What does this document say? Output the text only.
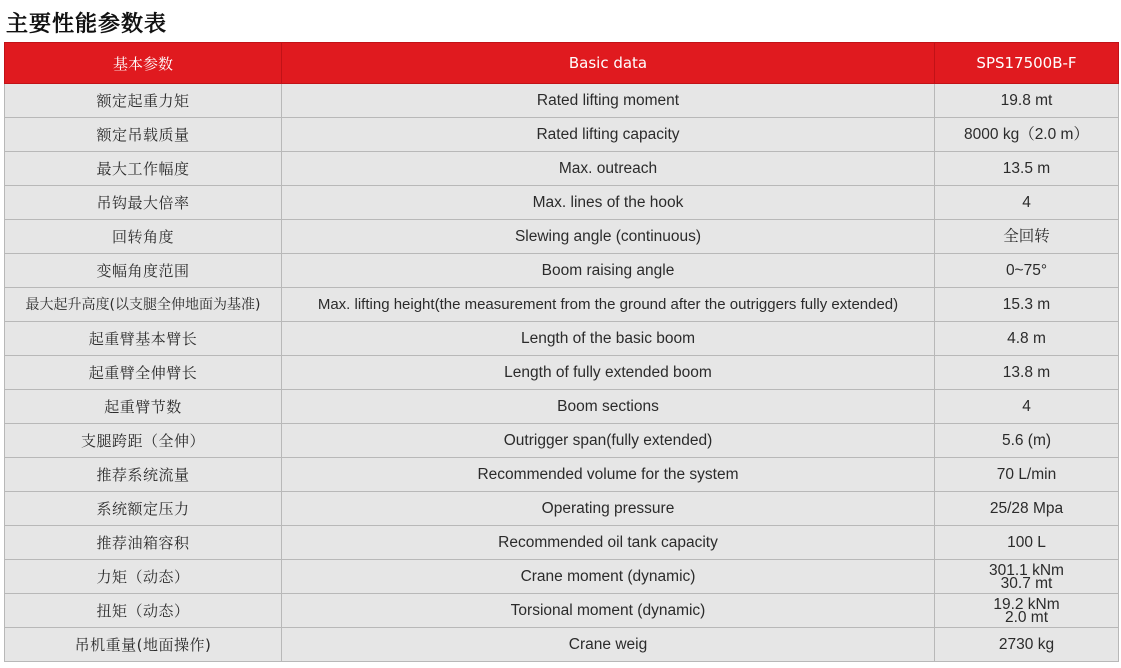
主要性能参数表
基本参数	Basic data	SPS17500B-F
额定起重力矩	Rated lifting moment	19.8 mt
额定吊载质量	Rated lifting capacity	8000 kg（2.0 m）
最大工作幅度	Max. outreach	13.5 m
吊钩最大倍率	Max. lines of the hook	4
回转角度	Slewing angle (continuous)	全回转
变幅角度范围	Boom raising angle	0~75°
最大起升高度(以支腿全伸地面为基准)	Max. lifting height(the measurement from the ground after the outriggers fully extended)	15.3 m
起重臂基本臂长	Length of the basic boom	4.8 m
起重臂全伸臂长	Length of fully extended boom	13.8 m
起重臂节数	Boom sections	4
支腿跨距（全伸）	Outrigger span(fully extended)	5.6 (m)
推荐系统流量	Recommended volume for the system	70 L/min
系统额定压力	Operating pressure	25/28 Mpa
推荐油箱容积	Recommended oil tank capacity	100 L
力矩（动态）	Crane moment (dynamic)	301.1 kNm
30.7 mt

扭矩（动态）	Torsional moment (dynamic)	19.2 kNm
2.0 mt

吊机重量(地面操作)	Crane weig	2730 kg
